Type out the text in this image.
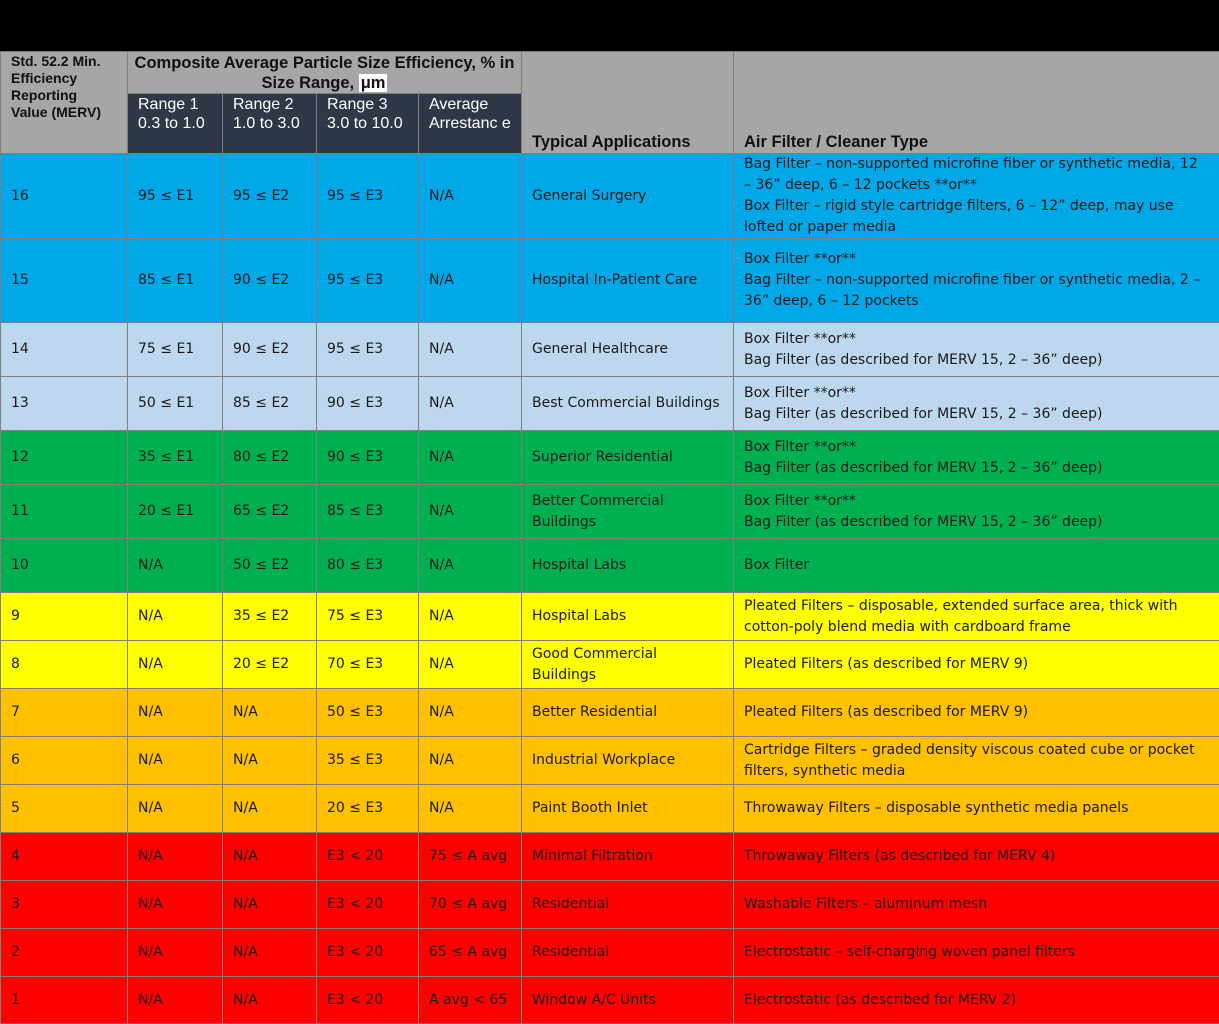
Std. 52.2 Min. Efficiency Reporting Value (MERV)	Composite Average Particle Size Efficiency, % in Size Range, μm				Typical Applications	Air Filter / Cleaner Type
	Range 1 0.3 to 1.0	Range 2 1.0 to 3.0	Range 3 3.0 to 10.0	Average Arrestanc e		
16	95 ≤ E1	95 ≤ E2	95 ≤ E3	N/A	General Surgery	Bag Filter – non-supported microfine fiber or synthetic media, 12 – 36” deep, 6 – 12 pockets **or**
Box Filter – rigid style cartridge filters, 6 – 12” deep, may use lofted or paper media
15	85 ≤ E1	90 ≤ E2	95 ≤ E3	N/A	Hospital In-Patient Care	Box Filter **or**
Bag Filter – non-supported microfine fiber or synthetic media, 2 – 36” deep, 6 – 12 pockets
14	75 ≤ E1	90 ≤ E2	95 ≤ E3	N/A	General Healthcare	Box Filter **or**
Bag Filter (as described for MERV 15, 2 – 36” deep)
13	50 ≤ E1	85 ≤ E2	90 ≤ E3	N/A	Best Commercial Buildings	Box Filter **or**
Bag Filter (as described for MERV 15, 2 – 36” deep)
12	35 ≤ E1	80 ≤ E2	90 ≤ E3	N/A	Superior Residential	Box Filter **or**
Bag Filter (as described for MERV 15, 2 – 36” deep)
11	20 ≤ E1	65 ≤ E2	85 ≤ E3	N/A	Better Commercial Buildings	Box Filter **or**
Bag Filter (as described for MERV 15, 2 – 36” deep)
10	N/A	50 ≤ E2	80 ≤ E3	N/A	Hospital Labs	Box Filter
9	N/A	35 ≤ E2	75 ≤ E3	N/A	Hospital Labs	Pleated Filters – disposable, extended surface area, thick with cotton-poly blend media with cardboard frame
8	N/A	20 ≤ E2	70 ≤ E3	N/A	Good Commercial Buildings	Pleated Filters (as described for MERV 9)
7	N/A	N/A	50 ≤ E3	N/A	Better Residential	Pleated Filters (as described for MERV 9)
6	N/A	N/A	35 ≤ E3	N/A	Industrial Workplace	Cartridge Filters – graded density viscous coated cube or pocket filters, synthetic media
5	N/A	N/A	20 ≤ E3	N/A	Paint Booth Inlet	Throwaway Filters – disposable synthetic media panels
4	N/A	N/A	E3 < 20	75 ≤ A avg	Minimal Filtration	Throwaway Filters (as described for MERV 4)
3	N/A	N/A	E3 < 20	70 ≤ A avg	Residential	Washable Filters – aluminum mesh
2	N/A	N/A	E3 < 20	65 ≤ A avg	Residential	Electrostatic – self-charging woven panel filters
1	N/A	N/A	E3 < 20	A avg < 65	Window A/C Units	Electrostatic (as described for MERV 2)
